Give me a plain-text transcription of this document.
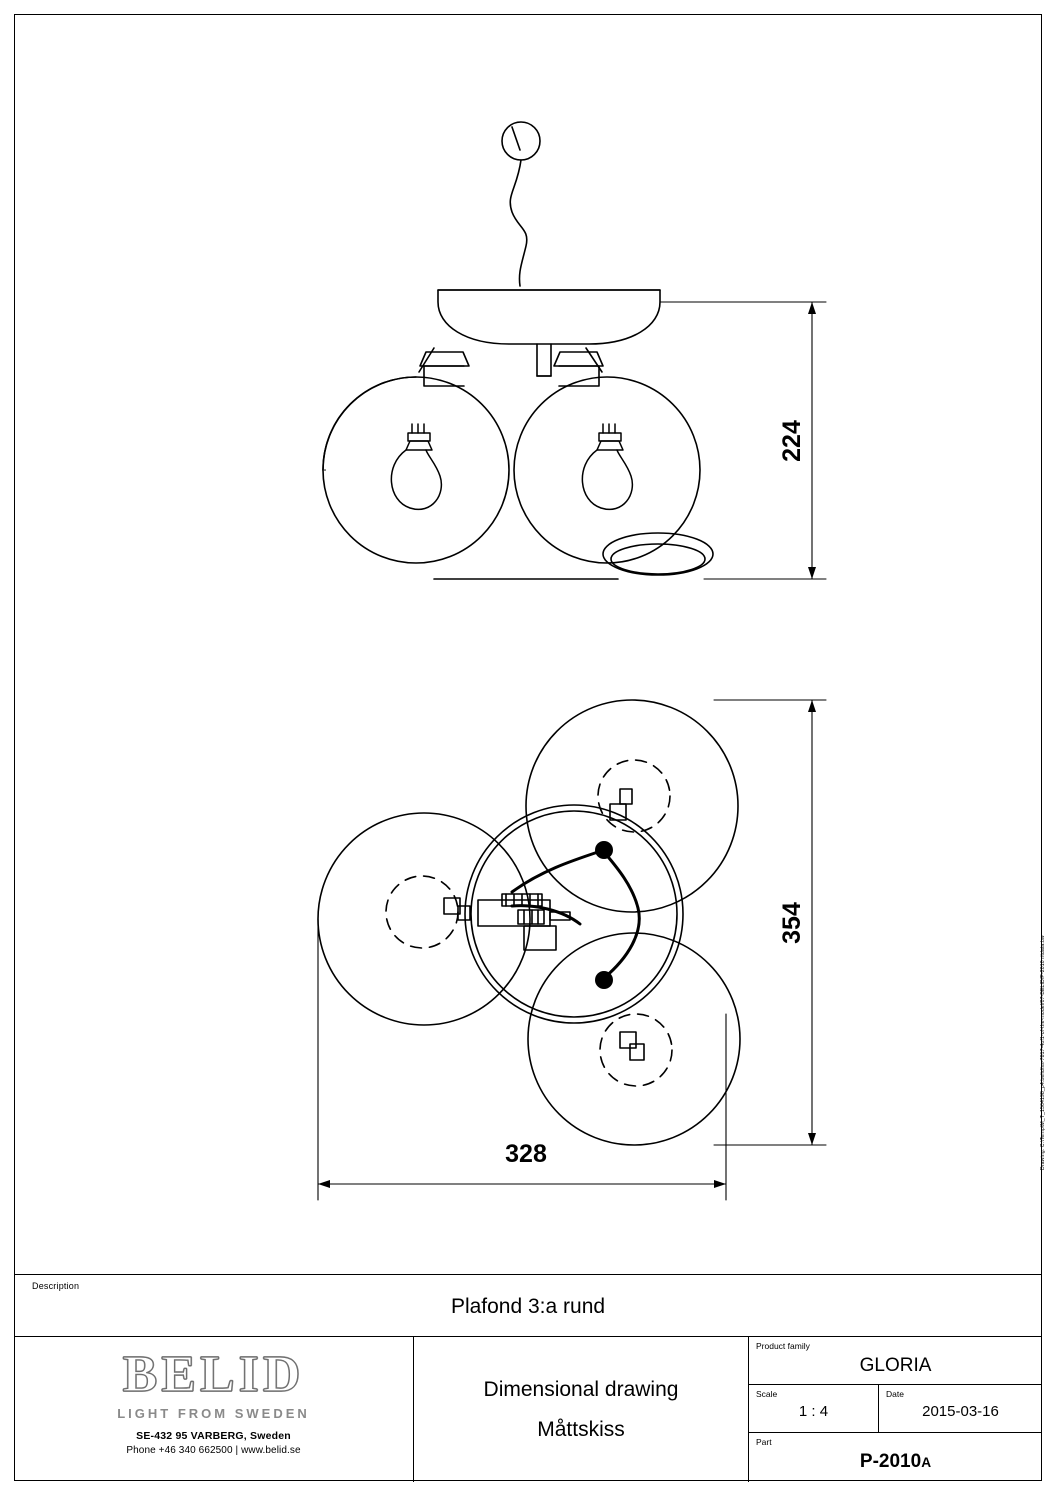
224
354
328	Drawing: C:\Temp\M_T_1564198_p4.belid/ss-7817-4of1-of-the-model/07-BELID/P-2010 ritdata.bw
Description
Plafond 3:a rund
BELID
LIGHT FROM SWEDEN
SE-432 95 VARBERG, Sweden
Phone +46 340 662500 | www.belid.se
Dimensional drawing
Måttskiss
Product family
GLORIA
Scale
1 : 4
Date
2015-03-16
Part
P-2010A
